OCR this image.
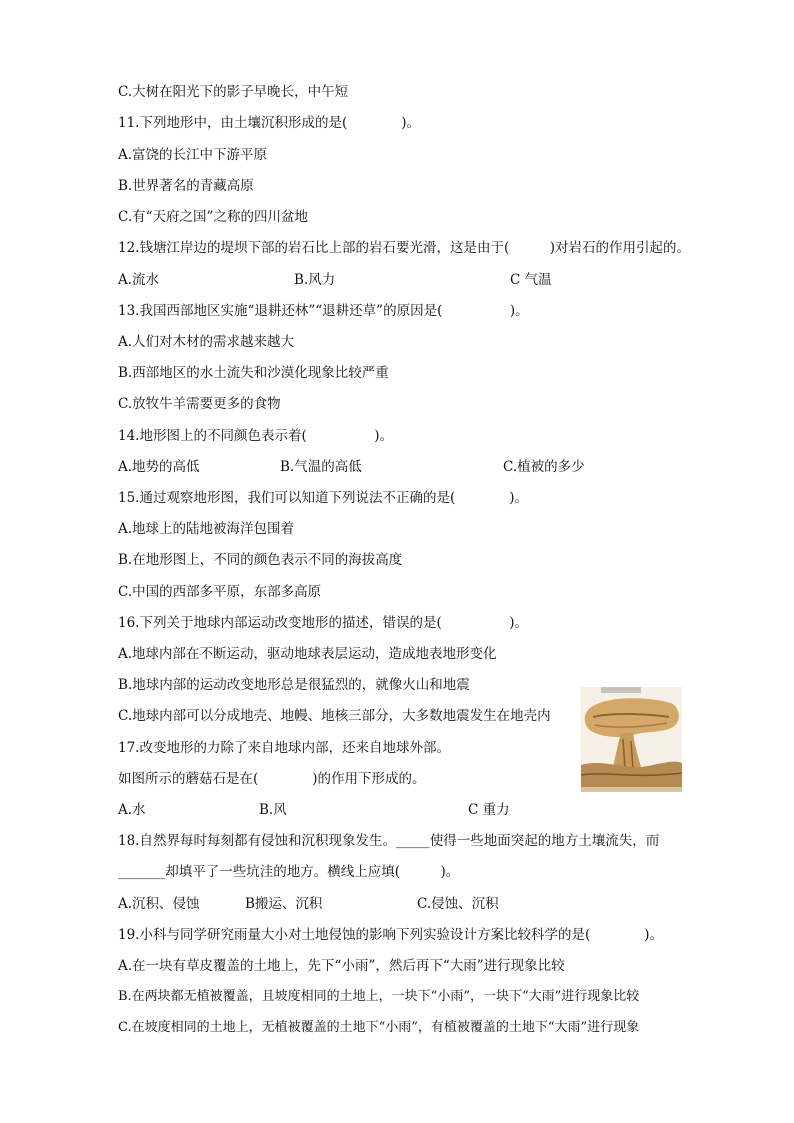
C.大树在阳光下的影子早晚长，中午短
11.下列地形中，由土壤沉积形成的是(　　　　)。
A.富饶的长江中下游平原
B.世界著名的青藏高原
C.有“天府之国”之称的四川盆地
12.钱塘江岸边的堤坝下部的岩石比上部的岩石要光滑，这是由于(　　　)对岩石的作用引起的。
A.流水	B.风力	C 气温
13.我国西部地区实施“退耕还林”“退耕还草”的原因是(　　　　　)。
A.人们对木材的需求越来越大
B.西部地区的水土流失和沙漠化现象比较严重
C.放牧牛羊需要更多的食物
14.地形图上的不同颜色表示着(　　　　　)。
A.地势的高低	B.气温的高低	C.植被的多少
15.通过观察地形图，我们可以知道下列说法不正确的是(　　　　)。
A.地球上的陆地被海洋包围着
B.在地形图上，不同的颜色表示不同的海拔高度
C.中国的西部多平原，东部多高原
16.下列关于地球内部运动改变地形的描述，错误的是(　　　　　)。
A.地球内部在不断运动，驱动地球表层运动，造成地表地形变化
B.地球内部的运动改变地形总是很猛烈的，就像火山和地震
C.地球内部可以分成地壳、地幔、地核三部分，大多数地震发生在地壳内
17.改变地形的力除了来自地球内部，还来自地球外部。
如图所示的蘑菇石是在(　　　　)的作用下形成的。
A.水	B.风	C 重力
18.自然界每时每刻都有侵蚀和沉积现象发生。_____使得一些地面突起的地方土壤流失，而
_______却填平了一些坑洼的地方。横线上应填(　　　)。
A.沉积、侵蚀	B搬运、沉积	C.侵蚀、沉积
19.小科与同学研究雨量大小对土地侵蚀的影响下列实验设计方案比较科学的是(　　　　)。
A.在一块有草皮覆盖的土地上，先下“小雨”，然后再下“大雨”进行现象比较
B.在两块都无植被覆盖，且坡度相同的土地上，一块下“小雨”，一块下“大雨”进行现象比较
C.在坡度相同的土地上，无植被覆盖的土地下“小雨”，有植被覆盖的土地下“大雨”进行现象
